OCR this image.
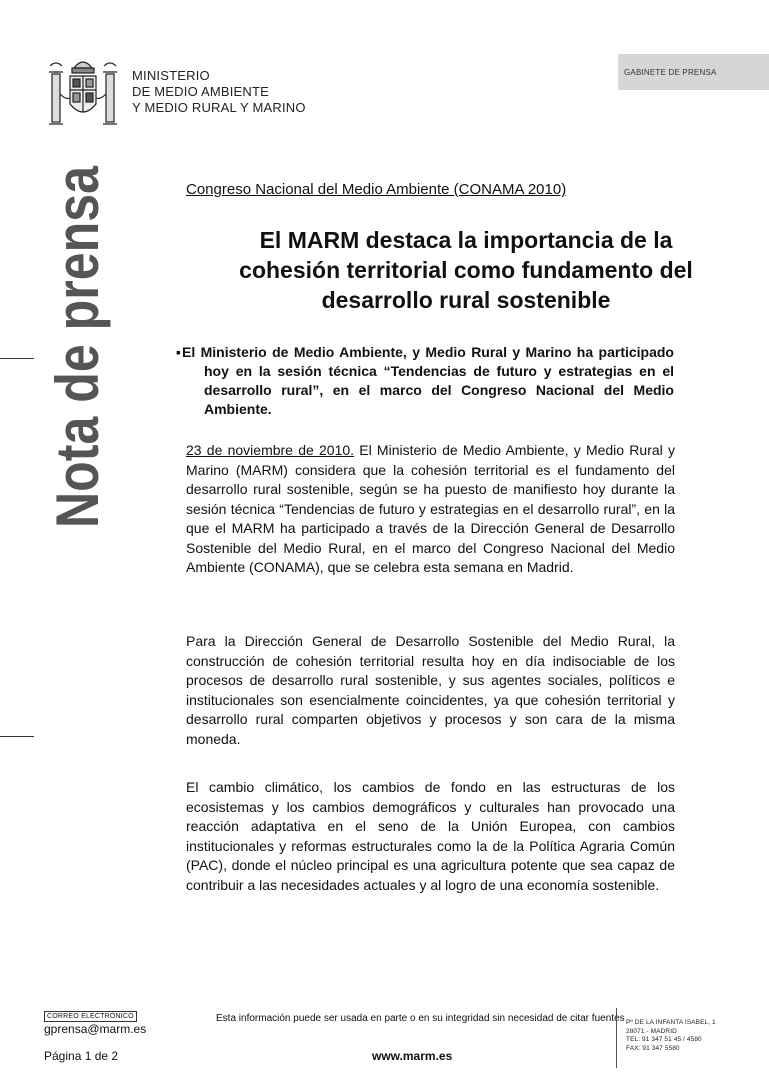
MINISTERIO
DE MEDIO AMBIENTE
Y MEDIO RURAL Y MARINO
GABINETE DE PRENSA
Nota de prensa	Congreso Nacional del Medio Ambiente (CONAMA 2010)
El MARM destaca la importancia de la
cohesión territorial como fundamento del
desarrollo rural sostenible
▪ El Ministerio de Medio Ambiente, y Medio Rural y Marino ha participado hoy en la sesión técnica “Tendencias de futuro y estrategias en el desarrollo rural”, en el marco del Congreso Nacional del Medio Ambiente.
23 de noviembre de 2010. El Ministerio de Medio Ambiente, y Medio Rural y Marino (MARM) considera que la cohesión territorial es el fundamento del desarrollo rural sostenible, según se ha puesto de manifiesto hoy durante la sesión técnica “Tendencias de futuro y estrategias en el desarrollo rural”, en la que el MARM ha participado a través de la Dirección General de Desarrollo Sostenible del Medio Rural, en el marco del Congreso Nacional del Medio Ambiente (CONAMA), que se celebra esta semana en Madrid.
Para la Dirección General de Desarrollo Sostenible del Medio Rural, la construcción de cohesión territorial resulta hoy en día indisociable de los procesos de desarrollo rural sostenible, y sus agentes sociales, políticos e institucionales son esencialmente coincidentes, ya que cohesión territorial y desarrollo rural comparten objetivos y procesos y son cara de la misma moneda.
El cambio climático, los cambios de fondo en las estructuras de los ecosistemas y los cambios demográficos y culturales han provocado una reacción adaptativa en el seno de la Unión Europea, con cambios institucionales y reformas estructurales como la de la Política Agraria Común (PAC), donde el núcleo principal es una agricultura potente que sea capaz de contribuir a las necesidades actuales y al logro de una economía sostenible.
CORREO ELECTRÓNICO
gprensa@marm.es
Esta información puede ser usada en parte o en su integridad sin necesidad de citar fuentes
Página 1 de 2	www.marm.es
Pº DE LA INFANTA ISABEL, 1
28071 - MADRID
TEL: 91 347 51 45 / 4580
FAX: 91 347 5580
